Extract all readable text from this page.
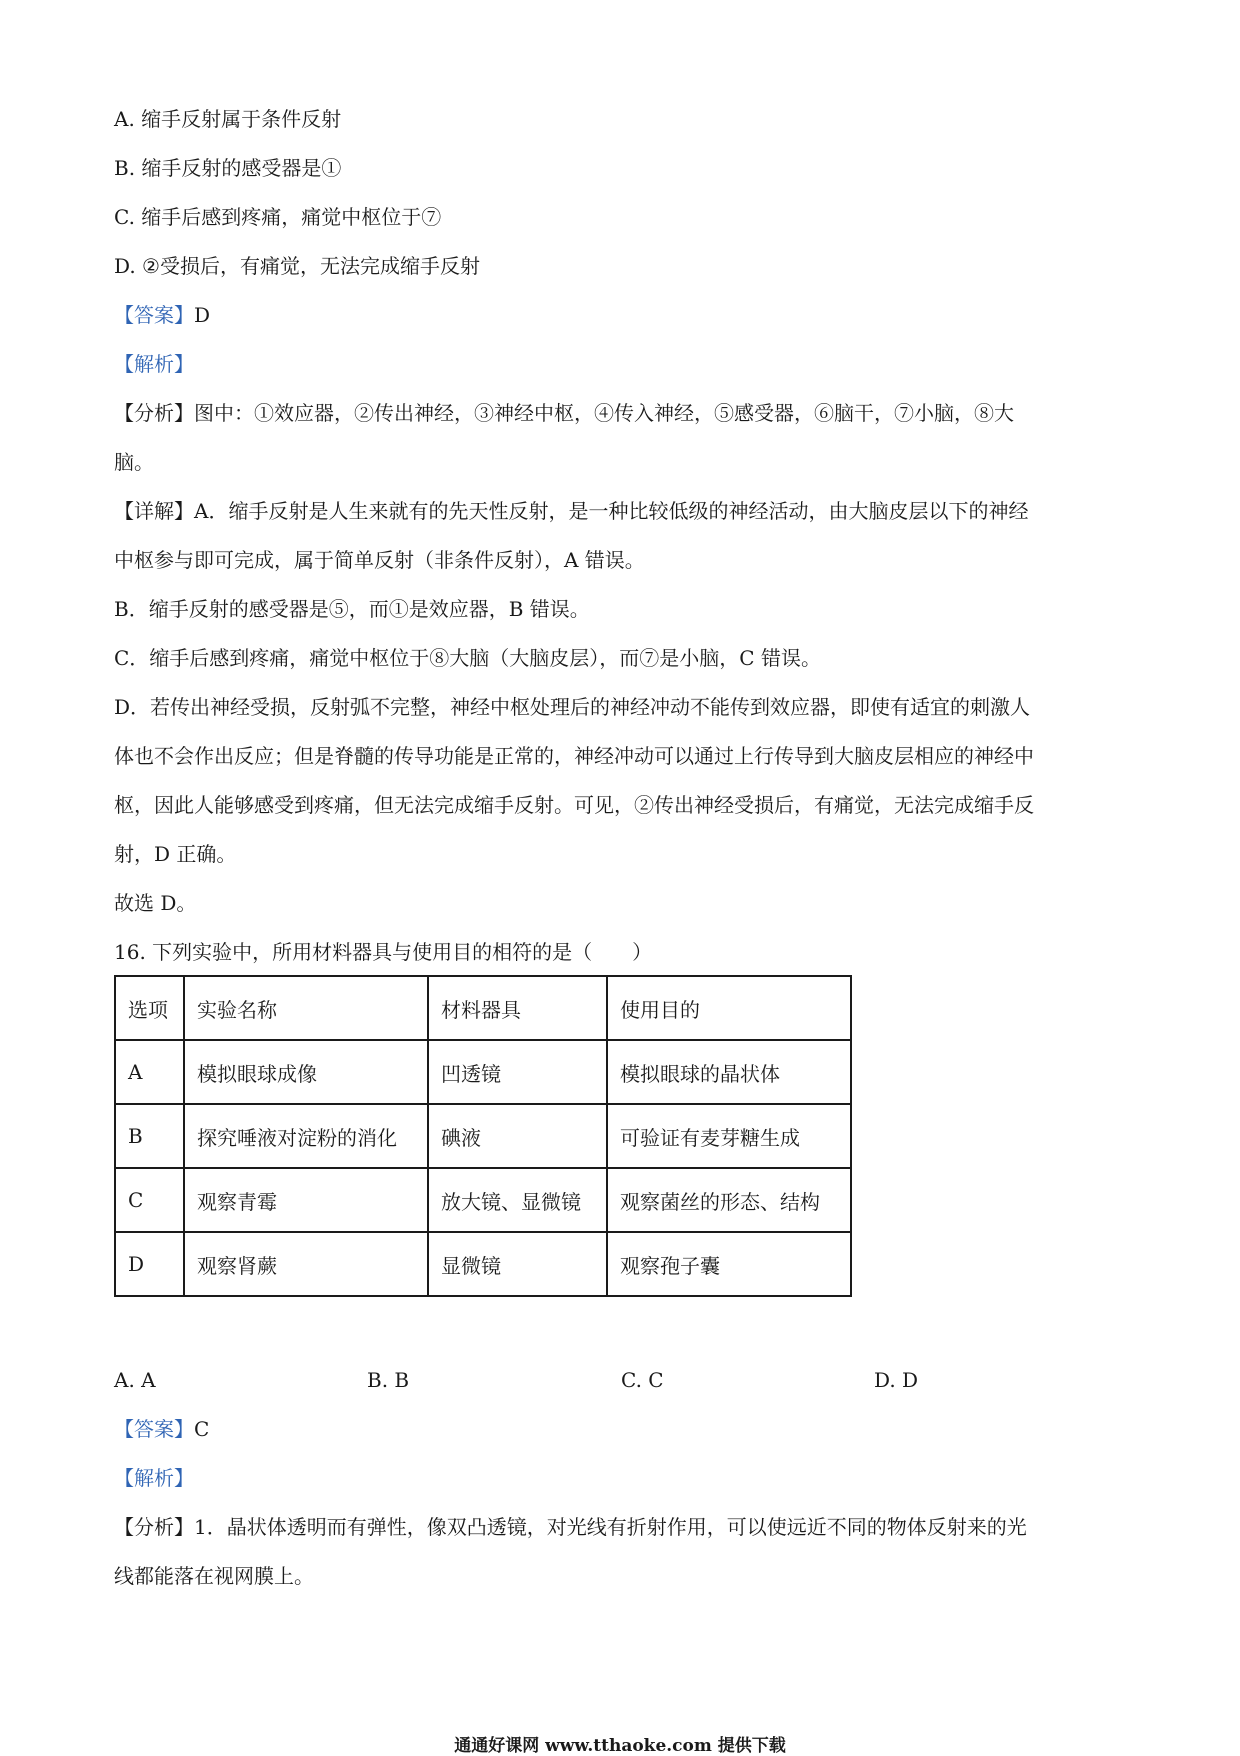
A. 缩手反射属于条件反射
B. 缩手反射的感受器是①
C. 缩手后感到疼痛，痛觉中枢位于⑦
D. ②受损后，有痛觉，无法完成缩手反射
【答案】D
【解析】
【分析】图中：①效应器，②传出神经，③神经中枢，④传入神经，⑤感受器，⑥脑干，⑦小脑，⑧大
脑。
【详解】A．缩手反射是人生来就有的先天性反射，是一种比较低级的神经活动，由大脑皮层以下的神经
中枢参与即可完成，属于简单反射（非条件反射），A 错误。
B．缩手反射的感受器是⑤，而①是效应器，B 错误。
C．缩手后感到疼痛，痛觉中枢位于⑧大脑（大脑皮层），而⑦是小脑，C 错误。
D．若传出神经受损，反射弧不完整，神经中枢处理后的神经冲动不能传到效应器，即使有适宜的刺激人
体也不会作出反应；但是脊髓的传导功能是正常的，神经冲动可以通过上行传导到大脑皮层相应的神经中
枢，因此人能够感受到疼痛，但无法完成缩手反射。可见，②传出神经受损后，有痛觉，无法完成缩手反
射，D 正确。
故选 D。
16. 下列实验中，所用材料器具与使用目的相符的是（　　）
选项	实验名称	材料器具	使用目的
A	模拟眼球成像	凹透镜	模拟眼球的晶状体
B	探究唾液对淀粉的消化	碘液	可验证有麦芽糖生成
C	观察青霉	放大镜、显微镜	观察菌丝的形态、结构
D	观察肾蕨	显微镜	观察孢子囊
A. A	B. B	C. C	D. D
【答案】C
【解析】
【分析】1．晶状体透明而有弹性，像双凸透镜，对光线有折射作用，可以使远近不同的物体反射来的光
线都能落在视网膜上。
通通好课网 www.tthaoke.com 提供下载
